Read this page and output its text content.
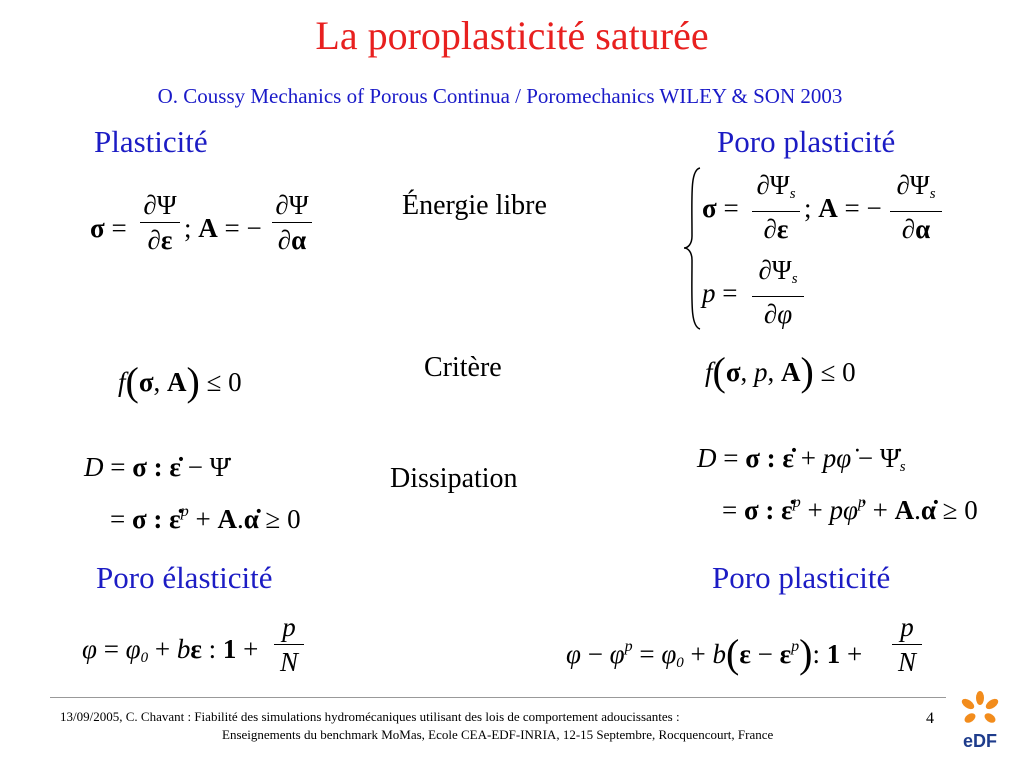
La poroplasticité saturée
O. Coussy Mechanics of Porous Continua / Poromechanics WILEY & SON 2003
Plasticité	Poro plasticité
Énergie libre
Critère
Dissipation
σ =
∂Ψ
∂ε ; A = −
∂Ψ
∂α
σ =
$\partial\Psi_s$
∂ε
; A = −
$\partial\Psi_s$
∂α
p =
$\partial\Psi_s$
∂φ
f(σ, A) ≤ 0	f(σ, p, A) ≤ 0
D = σ : ε̇ − Ψ̇
= σ : ε̇$^p$ + A.α̇ ≥ 0
D = σ : ε̇ + pφ̇ − $\Psi̇_s$
= σ : ε̇$^p$ + pφ̇$^p$ + A.α̇ ≥ 0
Poro élasticité	Poro plasticité
$\varphi = \varphi_0 + b\varepsilon$ : 1 +
p
N	$\varphi - \varphi^p = \varphi_0 + b(\varepsilon - \varepsilon^p)$: 1 +
p
N
13/09/2005, C. Chavant : Fiabilité des simulations hydromécaniques utilisant des lois de comportement adoucissantes :
Enseignements du benchmark MoMas, Ecole CEA-EDF-INRIA, 12-15 Septembre, Rocquencourt, France
4
eDF
